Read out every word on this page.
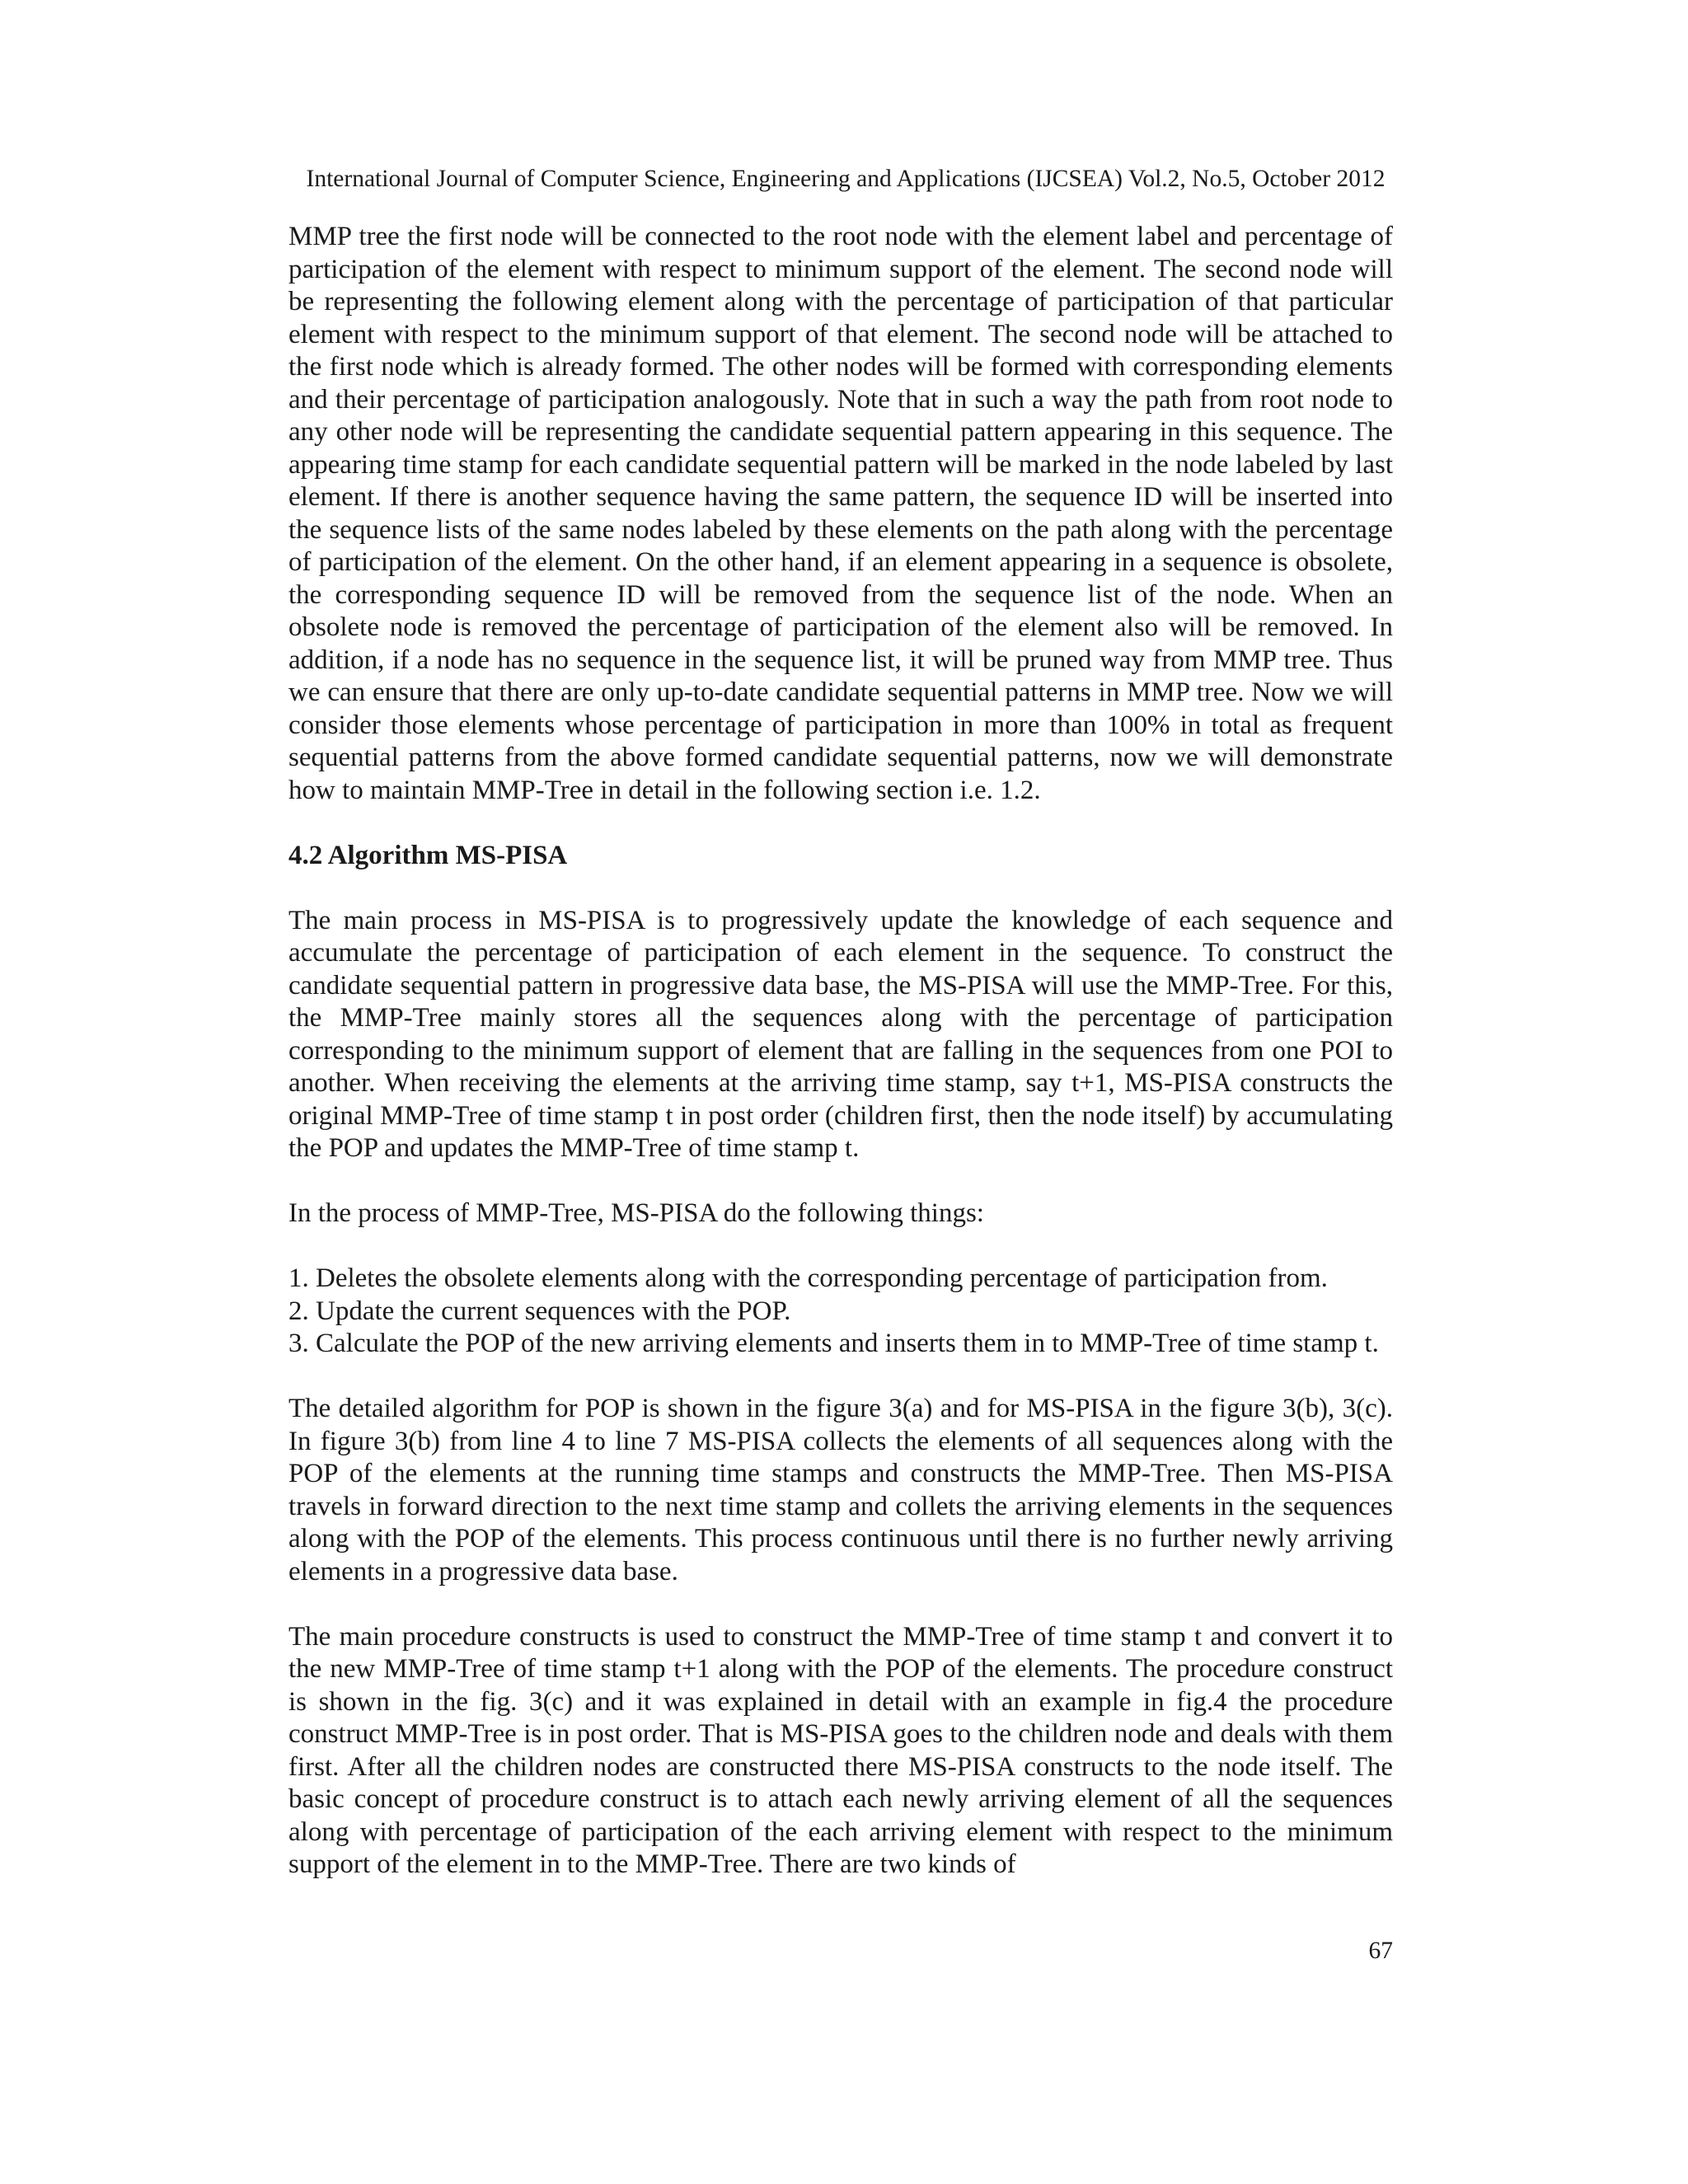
International Journal of Computer Science, Engineering and Applications (IJCSEA) Vol.2, No.5, October 2012

MMP tree the first node will be connected to the root node with the element label and percentage of participation of the element with respect to minimum support of the element. The second node will be representing the following element along with the percentage of participation of that particular element with respect to the minimum support of that element. The second node will be attached to the first node which is already formed. The other nodes will be formed with corresponding elements and their percentage of participation analogously. Note that in such a way the path from root node to any other node will be representing the candidate sequential pattern appearing in this sequence. The appearing time stamp for each candidate sequential pattern will be marked in the node labeled by last element. If there is another sequence having the same pattern, the sequence ID will be inserted into the sequence lists of the same nodes labeled by these elements on the path along with the percentage of participation of the element. On the other hand, if an element appearing in a sequence is obsolete, the corresponding sequence ID will be removed from the sequence list of the node. When an obsolete node is removed the percentage of participation of the element also will be removed. In addition, if a node has no sequence in the sequence list, it will be pruned way from MMP tree. Thus we can ensure that there are only up-to-date candidate sequential patterns in MMP tree. Now we will consider those elements whose percentage of participation in more than 100% in total as frequent sequential patterns from the above formed candidate sequential patterns, now we will demonstrate how to maintain MMP-Tree in detail in the following section i.e. 1.2.

4.2 Algorithm MS-PISA

The main process in MS-PISA is to progressively update the knowledge of each sequence and accumulate the percentage of participation of each element in the sequence. To construct the candidate sequential pattern in progressive data base, the MS-PISA will use the MMP-Tree. For this, the MMP-Tree mainly stores all the sequences along with the percentage of participation corresponding to the minimum support of element that are falling in the sequences from one POI to another. When receiving the elements at the arriving time stamp, say t+1, MS-PISA constructs the original MMP-Tree of time stamp t in post order (children first, then the node itself) by accumulating the POP and updates the MMP-Tree of time stamp t.

In the process of MMP-Tree, MS-PISA do the following things:

1. Deletes the obsolete elements along with the corresponding percentage of participation from.
2. Update the current sequences with the POP.
3. Calculate the POP of the new arriving elements and inserts them in to MMP-Tree of time stamp t.

The detailed algorithm for POP is shown in the figure 3(a) and for MS-PISA in the figure 3(b), 3(c). In figure 3(b) from line 4 to line 7 MS-PISA collects the elements of all sequences along with the POP of the elements at the running time stamps and constructs the MMP-Tree. Then MS-PISA travels in forward direction to the next time stamp and collets the arriving elements in the sequences along with the POP of the elements. This process continuous until there is no further newly arriving elements in a progressive data base.

The main procedure constructs is used to construct the MMP-Tree of time stamp t and convert it to the new MMP-Tree of time stamp t+1 along with the POP of the elements. The procedure construct is shown in the fig. 3(c) and it was explained in detail with an example in fig.4 the procedure construct MMP-Tree is in post order. That is MS-PISA goes to the children node and deals with them first. After all the children nodes are constructed there MS-PISA constructs to the node itself. The basic concept of procedure construct is to attach each newly arriving element of all the sequences along with percentage of participation of the each arriving element with respect to the minimum support of the element in to the MMP-Tree. There are two kinds of

67
